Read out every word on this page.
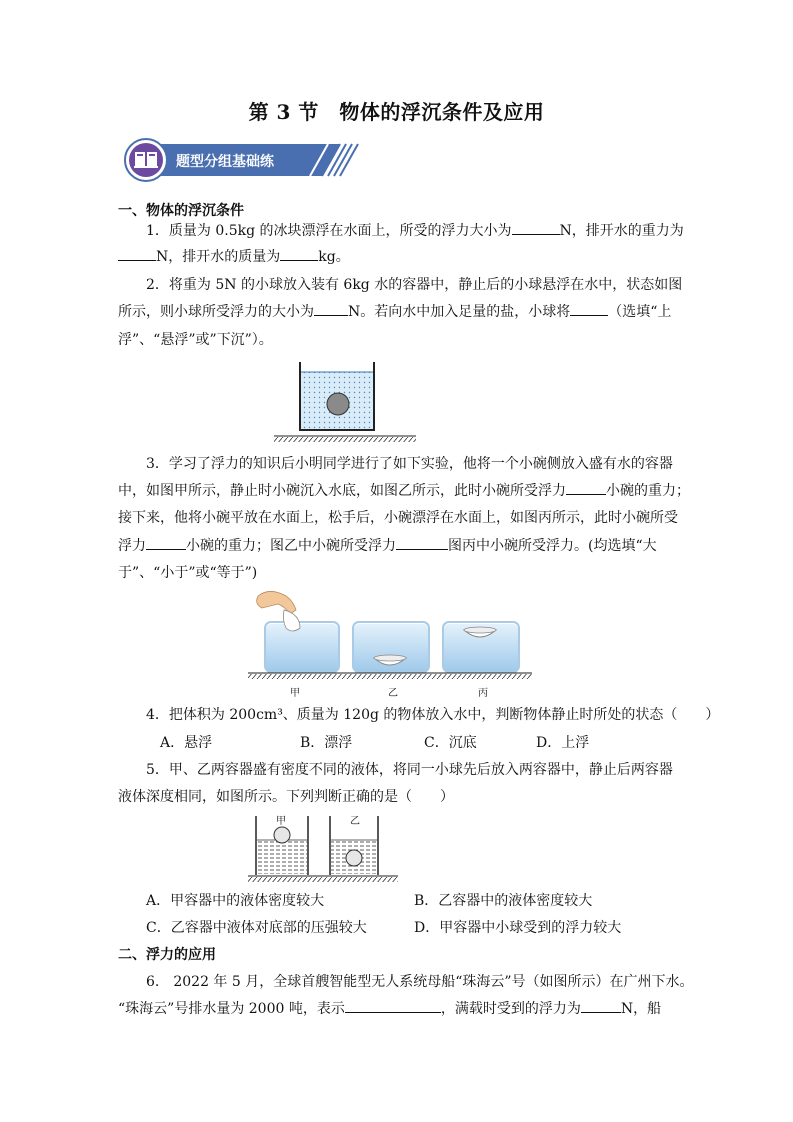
第 3 节　物体的浮沉条件及应用
题型分组基础练
一、物体的浮沉条件
1．质量为 0.5kg 的冰块漂浮在水面上，所受的浮力大小为	N，排开水的重力为
N，排开水的质量为	kg。
2．将重为 5N 的小球放入装有 6kg 水的容器中，静止后的小球悬浮在水中，状态如图
所示，则小球所受浮力的大小为 N。若向水中加入足量的盐，小球将	（选填“上
浮”、“悬浮”或”下沉”）。
3．学习了浮力的知识后小明同学进行了如下实验，他将一个小碗侧放入盛有水的容器
中，如图甲所示，静止时小碗沉入水底，如图乙所示，此时小碗所受浮力	小碗的重力；
接下来，他将小碗平放在水面上，松手后，小碗漂浮在水面上，如图丙所示，此时小碗所受
浮力	小碗的重力；图乙中小碗所受浮力	图丙中小碗所受浮力。(均选填“大
于”、“小于”或“等于”)
甲	乙	丙
4．把体积为 200cm³、质量为 120g 的物体放入水中，判断物体静止时所处的状态（　　）
A．悬浮	B．漂浮	C．沉底	D．上浮
5．甲、乙两容器盛有密度不同的液体，将同一小球先后放入两容器中，静止后两容器
液体深度相同，如图所示。下列判断正确的是（　　）
甲	乙
A．甲容器中的液体密度较大	B．乙容器中的液体密度较大
C．乙容器中液体对底部的压强较大	D．甲容器中小球受到的浮力较大
二、浮力的应用
6.　2022 年 5 月，全球首艘智能型无人系统母船“珠海云”号（如图所示）在广州下水。
“珠海云”号排水量为 2000 吨，表示	，满载时受到的浮力为	N，船
